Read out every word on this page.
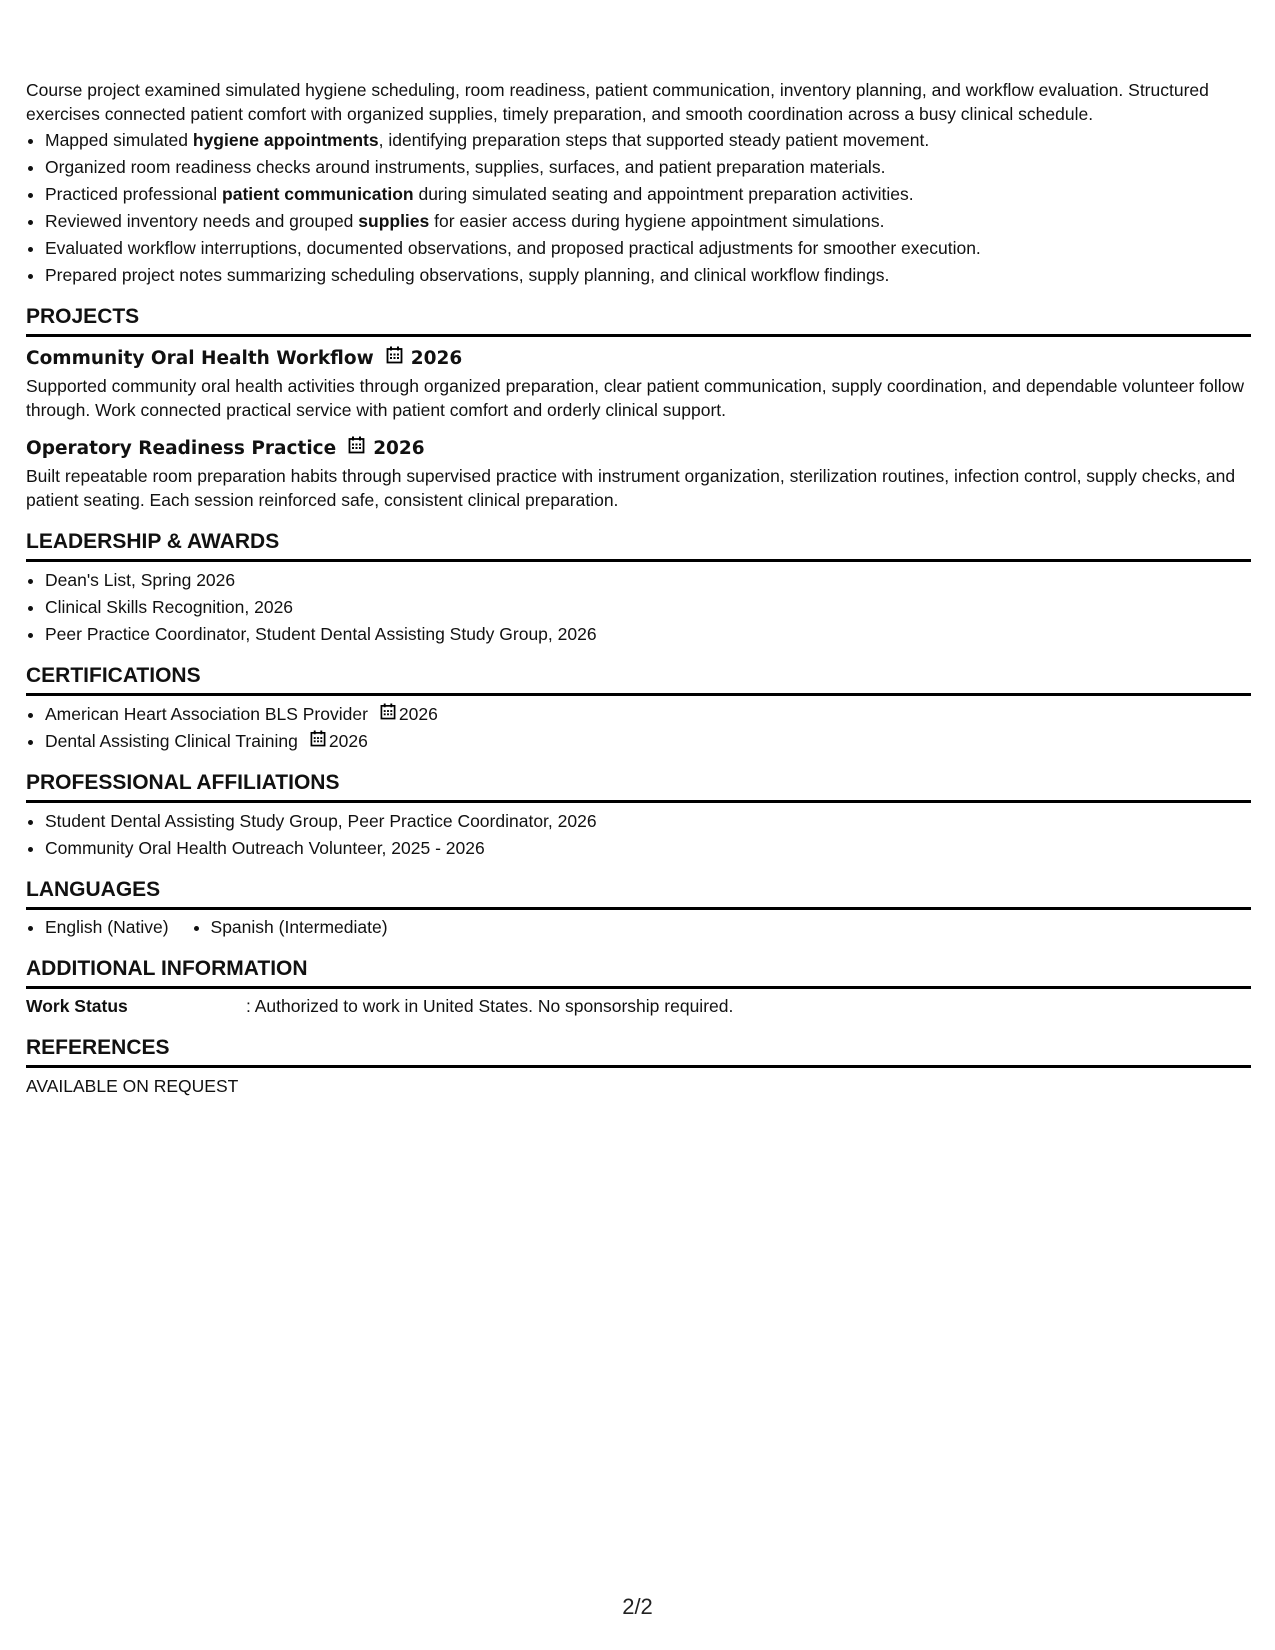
Course project examined simulated hygiene scheduling, room readiness, patient communication, inventory planning, and workflow evaluation. Structured exercises connected patient comfort with organized supplies, timely preparation, and smooth coordination across a busy clinical schedule.

• Mapped simulated hygiene appointments, identifying preparation steps that supported steady patient movement.
• Organized room readiness checks around instruments, supplies, surfaces, and patient preparation materials.
• Practiced professional patient communication during simulated seating and appointment preparation activities.
• Reviewed inventory needs and grouped supplies for easier access during hygiene appointment simulations.
• Evaluated workflow interruptions, documented observations, and proposed practical adjustments for smoother execution.
• Prepared project notes summarizing scheduling observations, supply planning, and clinical workflow findings.
PROJECTS
Community Oral Health Workflow 2026

Supported community oral health activities through organized preparation, clear patient communication, supply coordination, and dependable volunteer follow through. Work connected practical service with patient comfort and orderly clinical support.

Operatory Readiness Practice 2026

Built repeatable room preparation habits through supervised practice with instrument organization, sterilization routines, infection control, supply checks, and patient seating. Each session reinforced safe, consistent clinical preparation.

LEADERSHIP & AWARDS
• Dean's List, Spring 2026
• Clinical Skills Recognition, 2026
• Peer Practice Coordinator, Student Dental Assisting Study Group, 2026
CERTIFICATIONS
• American Heart Association BLS Provider 2026
• Dental Assisting Clinical Training 2026
PROFESSIONAL AFFILIATIONS
• Student Dental Assisting Study Group, Peer Practice Coordinator, 2026
• Community Oral Health Outreach Volunteer, 2025 - 2026
LANGUAGES
• English (Native)
• Spanish (Intermediate)
ADDITIONAL INFORMATION
Work Status	: Authorized to work in United States. No sponsorship required.
REFERENCES
AVAILABLE ON REQUEST
2/2
